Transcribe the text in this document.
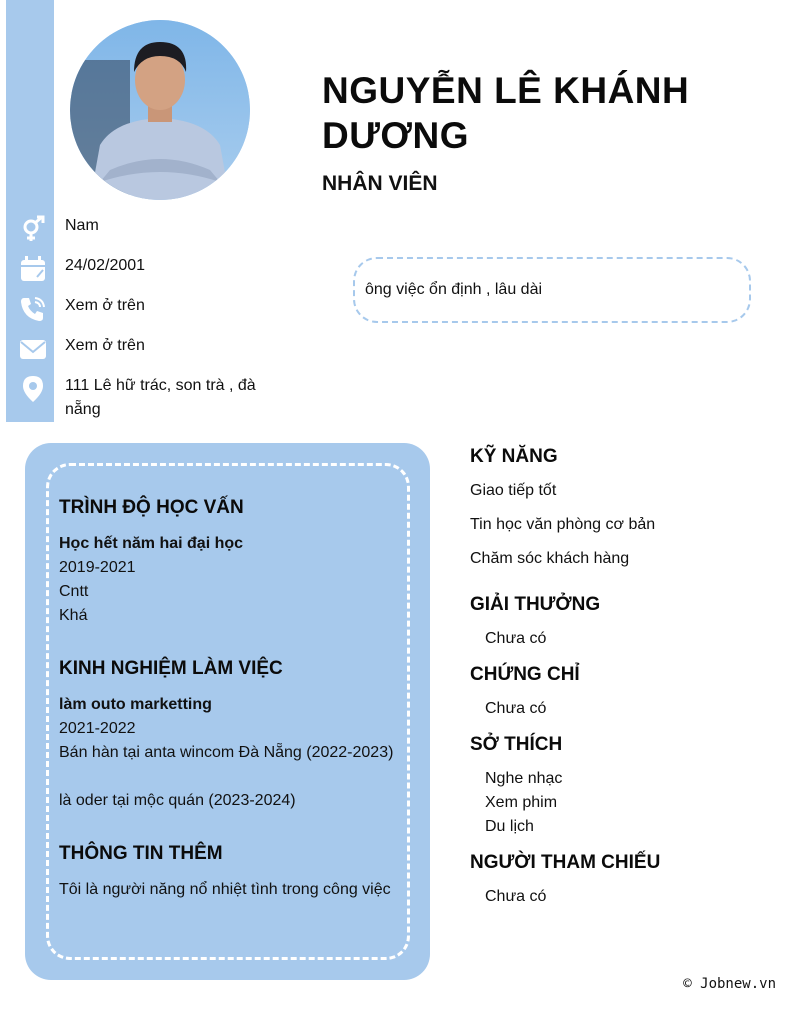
NGUYỄN LÊ KHÁNH DƯƠNG
NHÂN VIÊN
Nam
24/02/2001
Xem ở trên
Xem ở trên
111 Lê hữ trác, son trà , đà nẵng
ông việc ổn định , lâu dài
TRÌNH ĐỘ HỌC VẤN
Học hết năm hai đại học
2019-2021
Cntt
Khá
KINH NGHIỆM LÀM VIỆC
làm outo marketting
2021-2022
Bán hàn tại anta wincom Đà Nẵng (2022-2023)
là oder tại mộc quán (2023-2024)
THÔNG TIN THÊM
Tôi là người năng nổ nhiệt tình trong công việc
KỸ NĂNG
Giao tiếp tốt
Tin học văn phòng cơ bản
Chăm sóc khách hàng
GIẢI THƯỞNG
Chưa có
CHỨNG CHỈ
Chưa có
SỞ THÍCH
Nghe nhạc
Xem phim
Du lịch
NGƯỜI THAM CHIẾU
Chưa có
© Jobnew.vn
